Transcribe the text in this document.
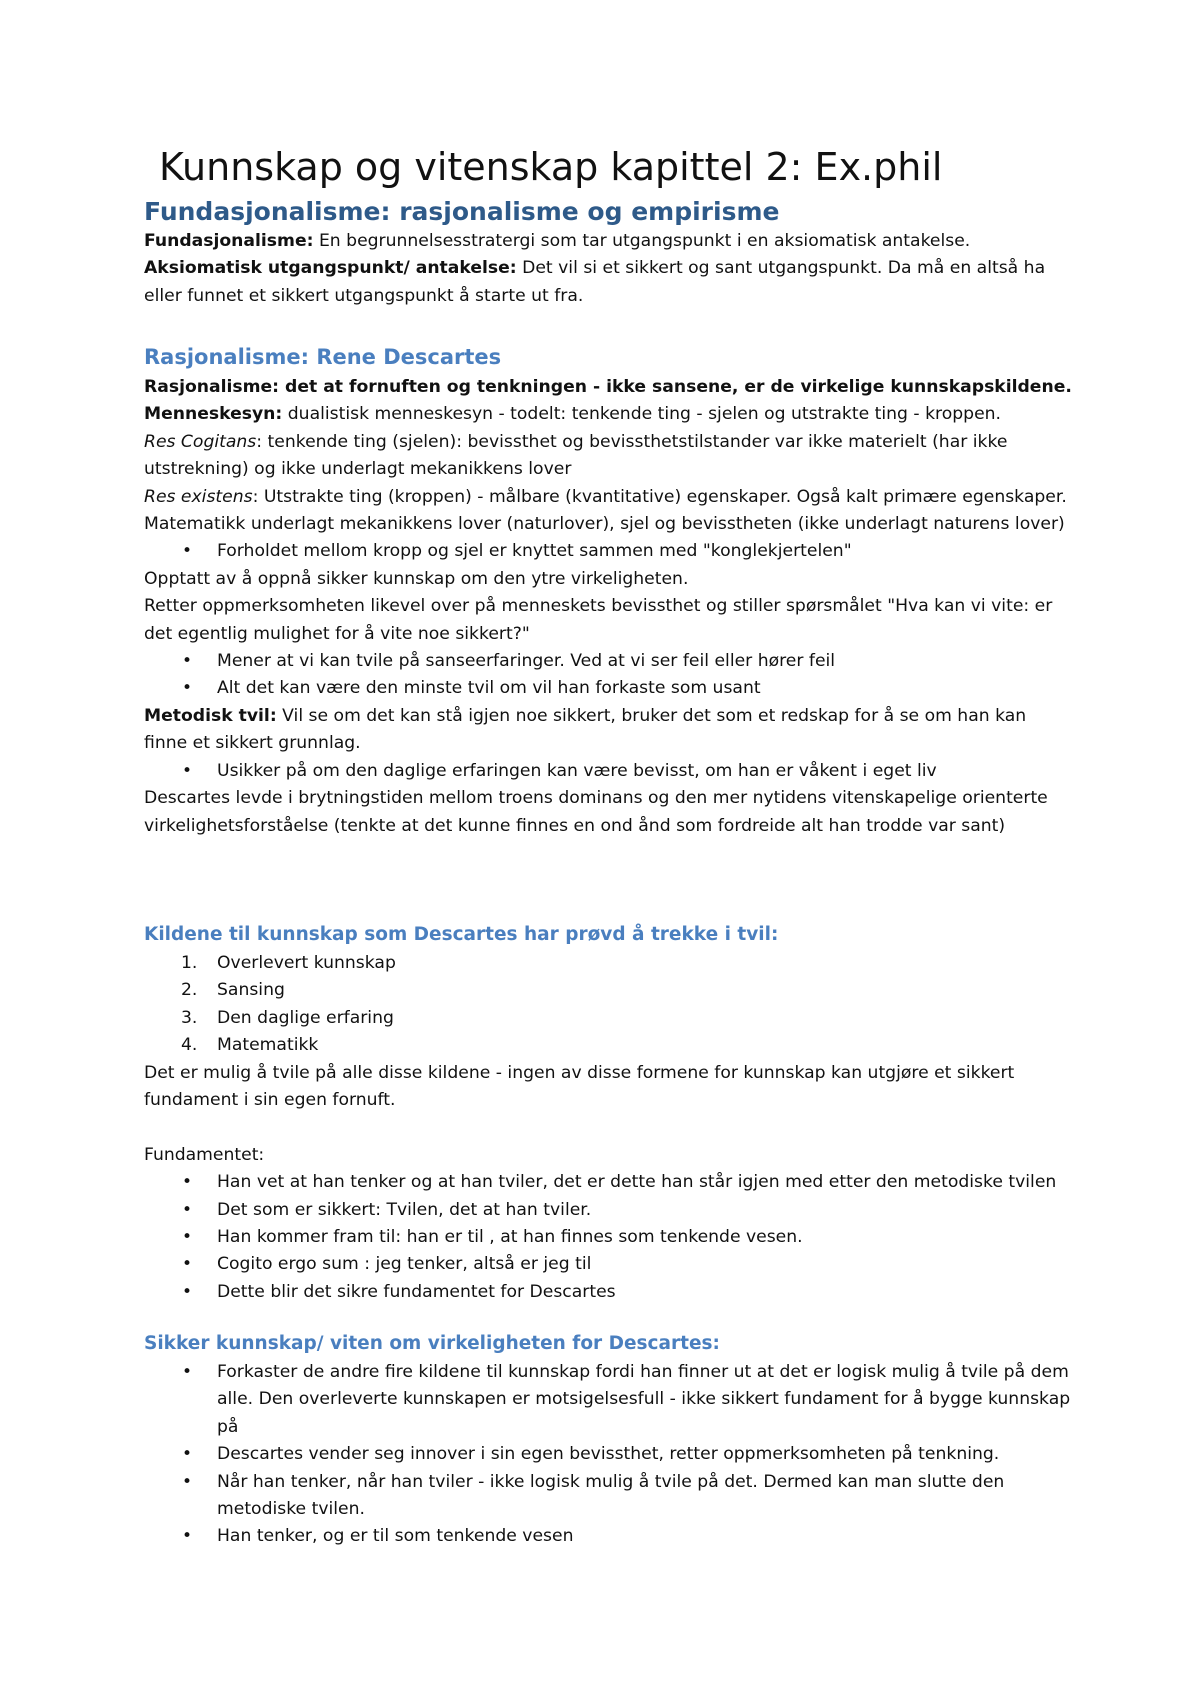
Kunnskap og vitenskap kapittel 2: Ex.phil
Fundasjonalisme: rasjonalisme og empirisme

Fundasjonalisme: En begrunnelsesstratergi som tar utgangspunkt i en aksiomatisk antakelse.

Aksiomatisk utgangspunkt/ antakelse: Det vil si et sikkert og sant utgangspunkt. Da må en altså ha eller funnet et sikkert utgangspunkt å starte ut fra.

Rasjonalisme: Rene Descartes

Rasjonalisme: det at fornuften og tenkningen - ikke sansene, er de virkelige kunnskapskildene.

Menneskesyn: dualistisk menneskesyn - todelt: tenkende ting - sjelen og utstrakte ting - kroppen.

Res Cogitans: tenkende ting (sjelen): bevissthet og bevissthetstilstander var ikke materielt (har ikke utstrekning) og ikke underlagt mekanikkens lover

Res existens: Utstrakte ting (kroppen) - målbare (kvantitative) egenskaper. Også kalt primære egenskaper. Matematikk underlagt mekanikkens lover (naturlover), sjel og bevisstheten (ikke underlagt naturens lover)

• Forholdet mellom kropp og sjel er knyttet sammen med "konglekjertelen"

Opptatt av å oppnå sikker kunnskap om den ytre virkeligheten.

Retter oppmerksomheten likevel over på menneskets bevissthet og stiller spørsmålet "Hva kan vi vite: er det egentlig mulighet for å vite noe sikkert?"

• Mener at vi kan tvile på sanseerfaringer. Ved at vi ser feil eller hører feil
• Alt det kan være den minste tvil om vil han forkaste som usant

Metodisk tvil: Vil se om det kan stå igjen noe sikkert, bruker det som et redskap for å se om han kan finne et sikkert grunnlag.

• Usikker på om den daglige erfaringen kan være bevisst, om han er våkent i eget liv

Descartes levde i brytningstiden mellom troens dominans og den mer nytidens vitenskapelige orienterte virkelighetsforståelse (tenkte at det kunne finnes en ond ånd som fordreide alt han trodde var sant)

Kildene til kunnskap som Descartes har prøvd å trekke i tvil:
1. Overlevert kunnskap
2. Sansing
3. Den daglige erfaring
4. Matematikk

Det er mulig å tvile på alle disse kildene - ingen av disse formene for kunnskap kan utgjøre et sikkert fundament i sin egen fornuft.

Fundamentet:

• Han vet at han tenker og at han tviler, det er dette han står igjen med etter den metodiske tvilen
• Det som er sikkert: Tvilen, det at han tviler.
• Han kommer fram til: han er til , at han finnes som tenkende vesen.
• Cogito ergo sum : jeg tenker, altså er jeg til
• Dette blir det sikre fundamentet for Descartes
Sikker kunnskap/ viten om virkeligheten for Descartes:
• Forkaster de andre fire kildene til kunnskap fordi han finner ut at det er logisk mulig å tvile på dem alle. Den overleverte kunnskapen er motsigelsesfull - ikke sikkert fundament for å bygge kunnskap på
• Descartes vender seg innover i sin egen bevissthet, retter oppmerksomheten på tenkning.
• Når han tenker, når han tviler - ikke logisk mulig å tvile på det. Dermed kan man slutte den metodiske tvilen.
• Han tenker, og er til som tenkende vesen
